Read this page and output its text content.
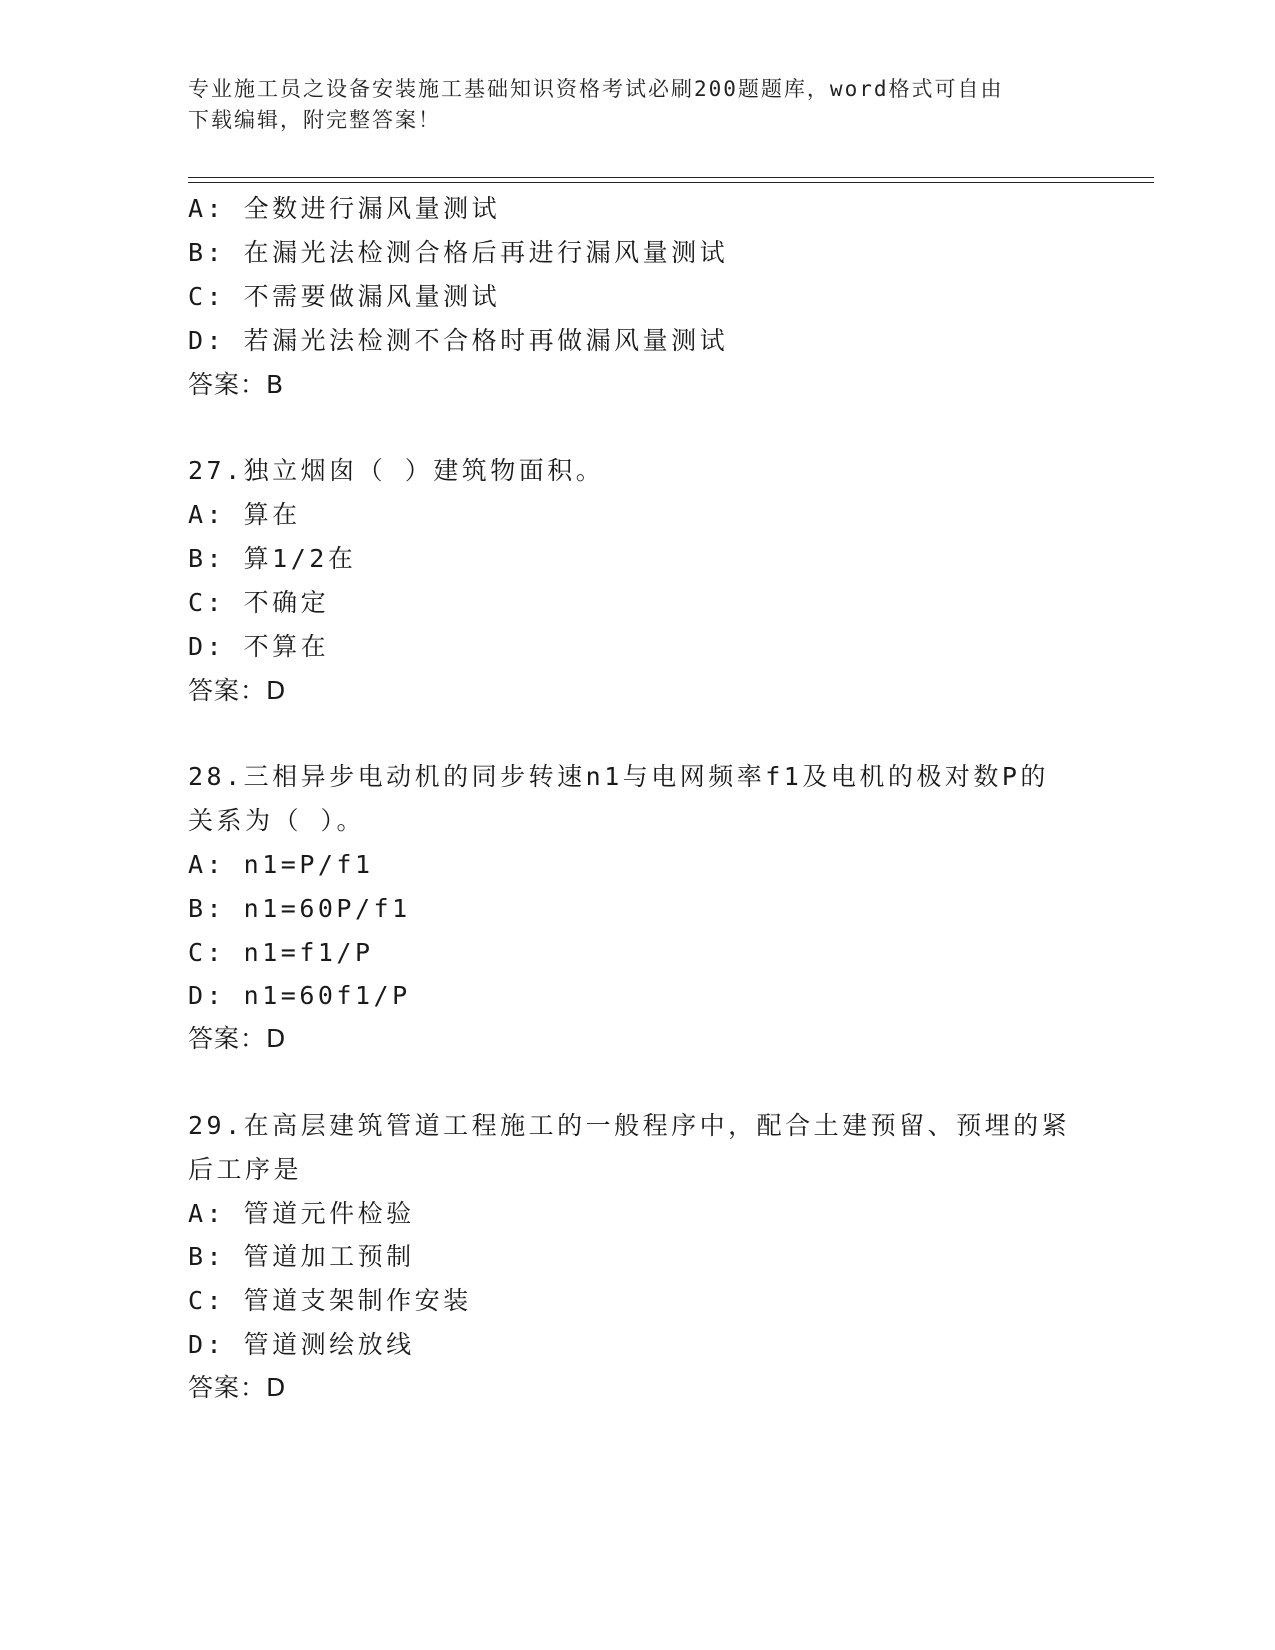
专业施工员之设备安装施工基础知识资格考试必刷200题题库，word格式可自由
下载编辑，附完整答案！
A: 全数进行漏风量测试
B: 在漏光法检测合格后再进行漏风量测试
C: 不需要做漏风量测试
D: 若漏光法检测不合格时再做漏风量测试
答案：B
27.独立烟囱（ ）建筑物面积。
A: 算在
B: 算1/2在
C: 不确定
D: 不算在
答案：D
28.三相异步电动机的同步转速n1与电网频率f1及电机的极对数P的
关系为（ ）。
A: n1=P/f1
B: n1=60P/f1
C: n1=f1/P
D: n1=60f1/P
答案：D
29.在高层建筑管道工程施工的一般程序中，配合土建预留、预埋的紧
后工序是
A: 管道元件检验
B: 管道加工预制
C: 管道支架制作安装
D: 管道测绘放线
答案：D
